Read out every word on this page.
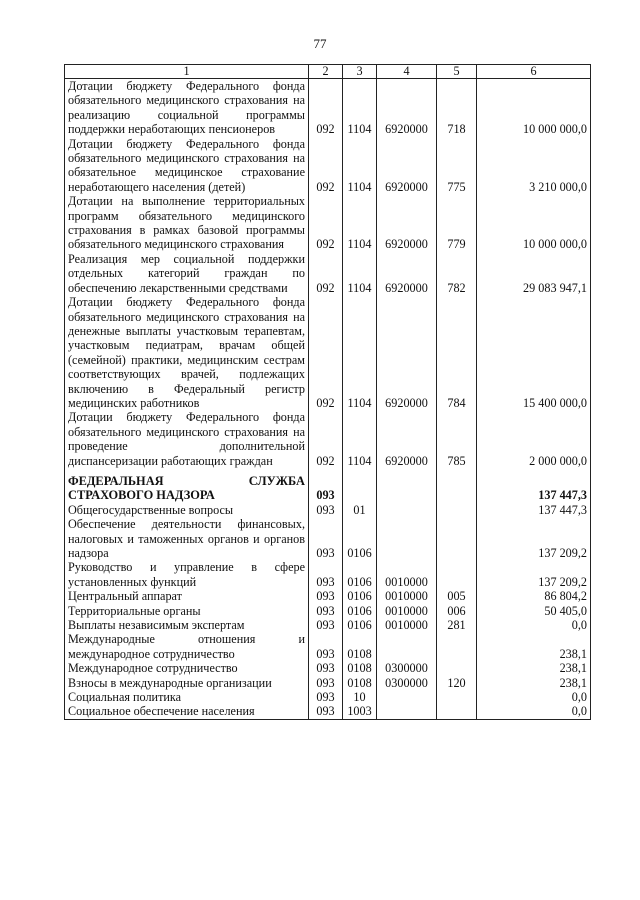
77
1	2	3	4	5	6
Дотации бюджету Федерального фонда обязательного медицинского страхования на реализацию социальной программы поддержки неработающих пенсионеров	092	1104	6920000	718	10 000 000,0
Дотации бюджету Федерального фонда обязательного медицинского страхования на обязательное медицинское страхование неработающего населения (детей)	092	1104	6920000	775	3 210 000,0
Дотации на выполнение территориальных программ обязательного медицинского страхования в рамках базовой программы обязательного медицинского страхования	092	1104	6920000	779	10 000 000,0
Реализация мер социальной поддержки отдельных категорий граждан по обеспечению лекарственными средствами	092	1104	6920000	782	29 083 947,1
Дотации бюджету Федерального фонда обязательного медицинского страхования на денежные выплаты участковым терапевтам, участковым педиатрам, врачам общей (семейной) практики, медицинским сестрам соответствующих врачей, подлежащих включению в Федеральный регистр медицинских работников	092	1104	6920000	784	15 400 000,0
Дотации бюджету Федерального фонда обязательного медицинского страхования на проведение дополнительной диспансеризации работающих граждан	092	1104	6920000	785	2 000 000,0
ФЕДЕРАЛЬНАЯ СЛУЖБА СТРАХОВОГО НАДЗОРА	093				137 447,3
Общегосударственные вопросы	093	01			137 447,3
Обеспечение деятельности финансовых, налоговых и таможенных органов и органов надзора	093	0106			137 209,2
Руководство и управление в сфере установленных функций	093	0106	0010000		137 209,2
Центральный аппарат	093	0106	0010000	005	86 804,2
Территориальные органы	093	0106	0010000	006	50 405,0
Выплаты независимым экспертам	093	0106	0010000	281	0,0
Международные отношения и международное сотрудничество	093	0108			238,1
Международное сотрудничество	093	0108	0300000		238,1
Взносы в международные организации	093	0108	0300000	120	238,1
Социальная политика	093	10			0,0
Социальное обеспечение населения	093	1003			0,0
